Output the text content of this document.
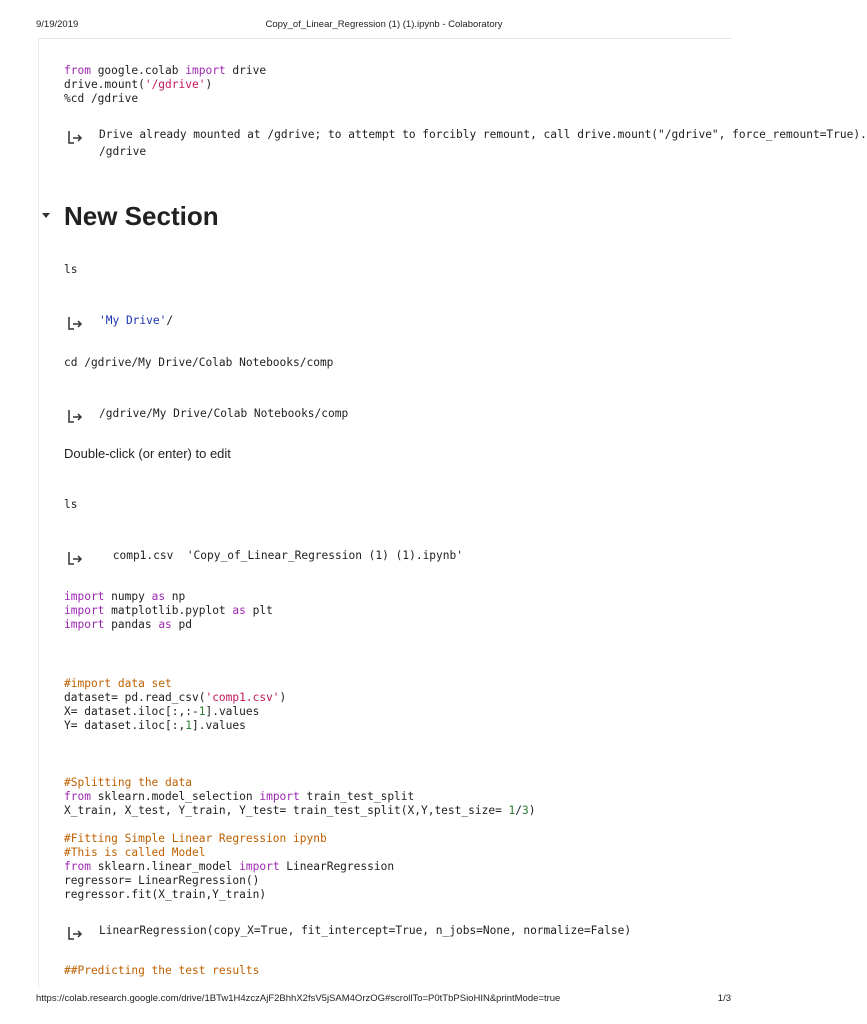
9/19/2019	Copy_of_Linear_Regression (1) (1).ipynb - Colaboratory
from google.colab import drive
drive.mount('/gdrive')
%cd /gdrive
Drive already mounted at /gdrive; to attempt to forcibly remount, call drive.mount("/gdrive", force_remount=True).
/gdrive
New Section
ls
'My Drive'/
cd /gdrive/My Drive/Colab Notebooks/comp
/gdrive/My Drive/Colab Notebooks/comp
Double-click (or enter) to edit
ls
comp1.csv  'Copy_of_Linear_Regression (1) (1).ipynb'
import numpy as np
import matplotlib.pyplot as plt
import pandas as pd
#import data set
dataset= pd.read_csv('comp1.csv')
X= dataset.iloc[:,:-1].values
Y= dataset.iloc[:,1].values
#Splitting the data
from sklearn.model_selection import train_test_split
X_train, X_test, Y_train, Y_test= train_test_split(X,Y,test_size= 1/3)

#Fitting Simple Linear Regression ipynb
#This is called Model
from sklearn.linear_model import LinearRegression
regressor= LinearRegression()
regressor.fit(X_train,Y_train)
LinearRegression(copy_X=True, fit_intercept=True, n_jobs=None, normalize=False)
##Predicting the test results
https://colab.research.google.com/drive/1BTw1H4zczAjF2BhhX2fsV5jSAM4OrzOG#scrollTo=P0tTbPSioHIN&printMode=true	1/3
